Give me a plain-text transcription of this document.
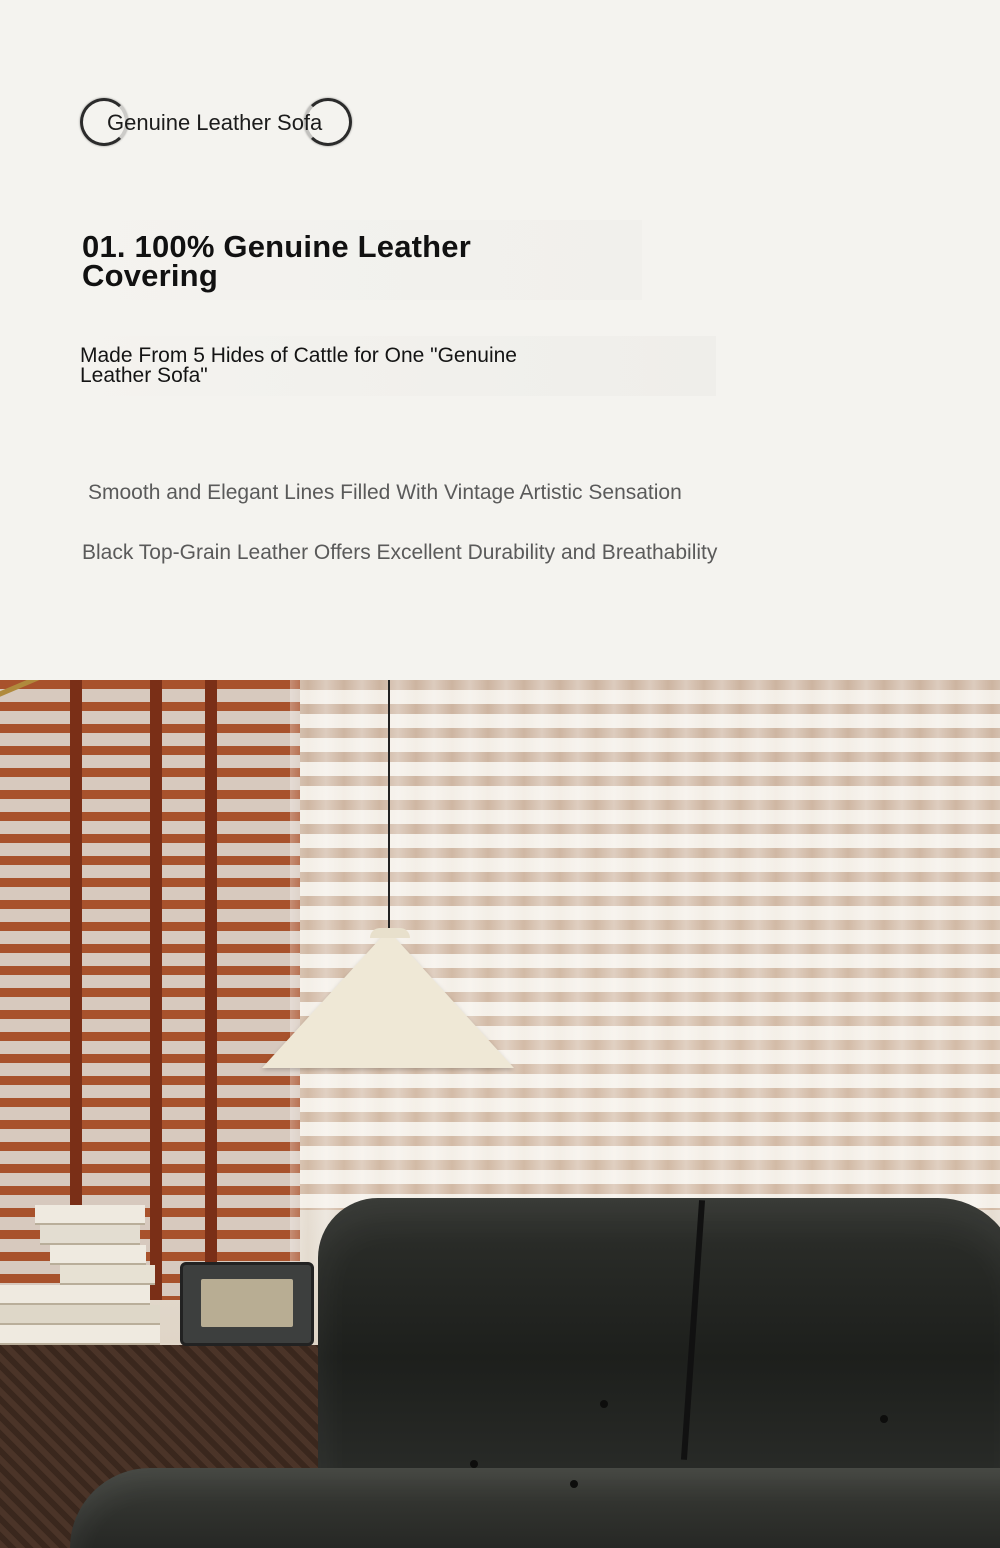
Genuine Leather Sofa
01. 100% Genuine Leather Covering
Made From 5 Hides of Cattle for One "Genuine Leather Sofa"
Smooth and Elegant Lines Filled With Vintage Artistic Sensation
Black Top-Grain Leather Offers Excellent Durability and Breathability
